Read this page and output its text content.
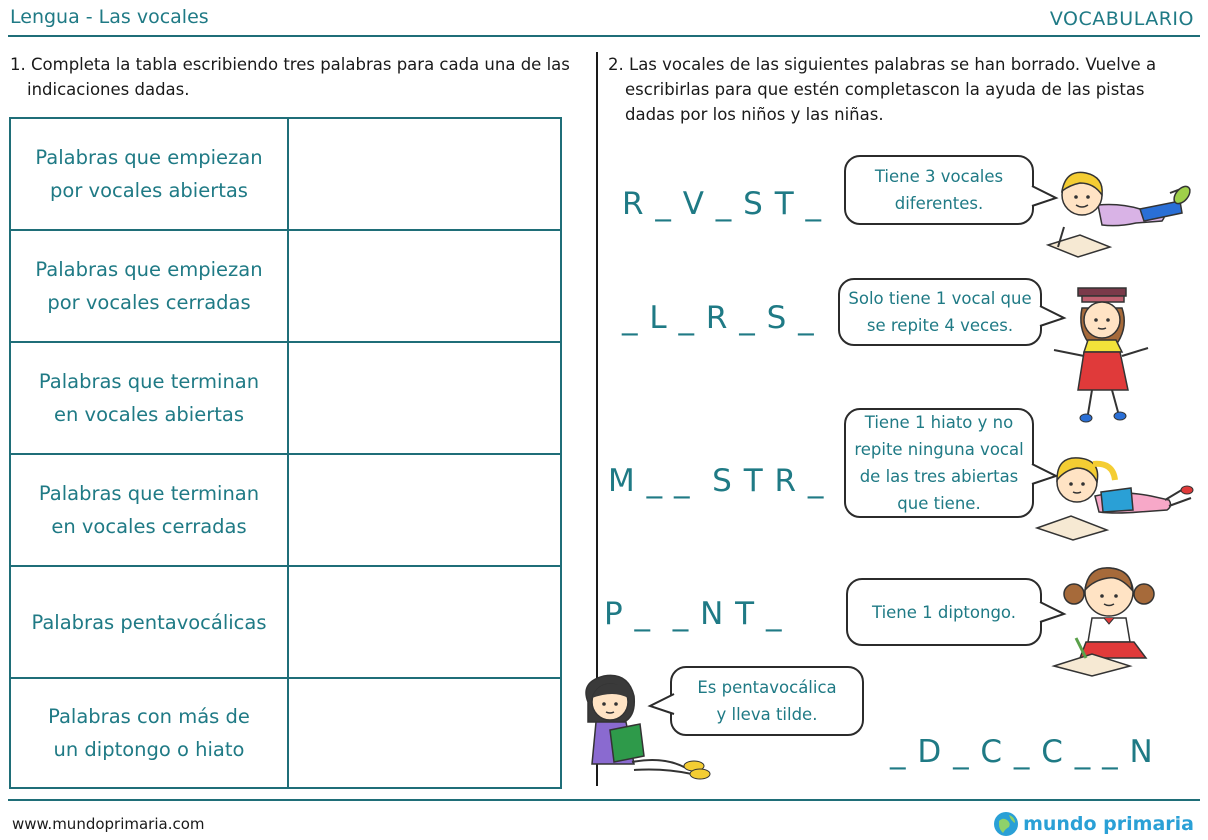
Lengua - Las vocales	VOCABULARIO
1. Completa la tabla escribiendo tres palabras para cada una de las
indicaciones dadas.
2. Las vocales de las siguientes palabras se han borrado. Vuelve a
escribirlas para que estén completascon la ayuda de las pistas
dadas por los niños y las niñas.
Palabras que empiezan
por vocales abiertas
Palabras que empiezan
por vocales cerradas
Palabras que terminan
en vocales abiertas
Palabras que terminan
en vocales cerradas
Palabras pentavocálicas
Palabras con más de
un diptongo o hiato
R _ V _ S T _
_ L _ R _ S _
M _ _  S T R _
P _  _ N T _
_ D _ C _ C _ _ N
Tiene 3 vocales
diferentes.
Solo tiene 1 vocal que
se repite 4 veces.
Tiene 1 hiato y no
repite ninguna vocal
de las tres abiertas
que tiene.
Tiene 1 diptongo.
Es pentavocálica
y lleva tilde.
www.mundoprimaria.com	mundo primaria
